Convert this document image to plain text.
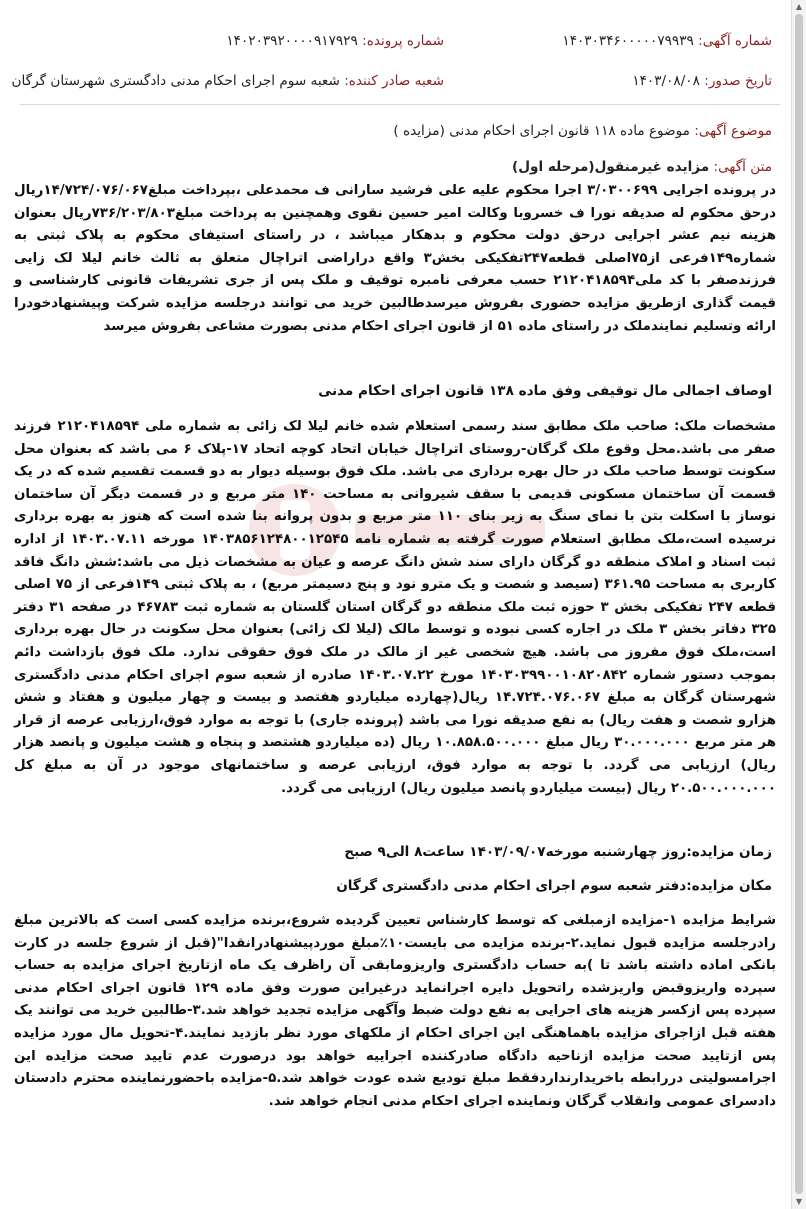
شماره آگهی: ۱۴۰۳۰۳۴۶۰۰۰۰۰۷۹۹۳۹
شماره پرونده: ۱۴۰۲۰۳۹۲۰۰۰۰۹۱۷۹۲۹
تاریخ صدور: ۱۴۰۳/۰۸/۰۸
شعبه صادر کننده: شعبه سوم اجرای احکام مدنی دادگستری شهرستان گرگان
موضوع آگهی: موضوع ماده ۱۱۸ قانون اجرای احکام مدنی (مزایده )
متن آگهی: مزایده غیرمنقول(مرحله اول)
در پرونده اجرایی ۳/۰۳۰۰۶۹۹ اجرا محکوم علیه علی فرشید سارانی ف محمدعلی ،بپرداخت مبلغ۱۴/۷۲۴/۰۷۶/۰۶۷ریال درحق محکوم له صدیقه نورا ف خسروبا وکالت امیر حسین نقوی وهمچنین به پرداخت مبلغ۷۳۶/۲۰۳/۸۰۳ریال بعنوان هزینه نیم عشر اجرایی درحق دولت محکوم و بدهکار میباشد ، در راستای استیفای محکوم به پلاک ثبتی به شماره۱۴۹فرعی از۷۵اصلی قطعه۲۴۷تفکیکی بخش۳ واقع دراراضی اتراچال متعلق به ثالث خانم لیلا لک زایی فرزندصفر با کد ملی۲۱۲۰۴۱۸۵۹۴ حسب معرفی نامبره توقیف و ملک پس از جری تشریفات قانونی کارشناسی و قیمت گذاری ازطریق مزایده حضوری بفروش میرسدطالبین خرید می توانند درجلسه مزایده شرکت وپیشنهادخودرا ارائه وتسلیم نمایندملک در راستای ماده ۵۱ از قانون اجرای احکام مدنی بصورت مشاعی بفروش میرسد
اوصاف اجمالی مال توقیفی وفق ماده ۱۳۸ قانون اجرای احکام مدنی
مشخصات ملک: صاحب ملک مطابق سند رسمی استعلام شده خانم لیلا لک زائی به شماره ملی ۲۱۲۰۴۱۸۵۹۴ فرزند صفر می باشد.محل وقوع ملک گرگان-روستای اتراچال خیابان اتحاد کوچه اتحاد ۱۷-پلاک ۶ می باشد که بعنوان محل سکونت توسط صاحب ملک در حال بهره برداری می باشد. ملک فوق بوسیله دیوار به دو قسمت تقسیم شده که در یک قسمت آن ساختمان مسکونی قدیمی با سقف شیروانی به مساحت ۱۴۰ متر مربع و در قسمت دیگر آن ساختمان نوساز با اسکلت بتن با نمای سنگ به زیر بنای ۱۱۰ متر مربع و بدون پروانه بنا شده است که هنوز به بهره برداری نرسیده است،ملک مطابق استعلام صورت گرفته به شماره نامه ۱۴۰۳۸۵۶۱۲۴۸۰۰۱۲۵۴۵ مورخه ۱۴۰۳.۰۷.۱۱ از اداره ثبت اسناد و املاک منطقه دو گرگان دارای سند شش دانگ عرصه و عیان به مشخصات ذیل می باشد:شش دانگ فاقد کاربری به مساحت ۳۶۱.۹۵ (سیصد و شصت و یک مترو نود و پنج دسیمتر مربع) ، به پلاک ثبتی ۱۴۹فرعی از ۷۵ اصلی قطعه ۲۴۷ تفکیکی بخش ۳ حوزه ثبت ملک منطقه دو گرگان استان گلستان به شماره ثبت ۴۶۷۸۳ در صفحه ۳۱ دفتر ۳۲۵ دفاتر بخش ۳ ملک در اجاره کسی نبوده و توسط مالک (لیلا لک زائی) بعنوان محل سکونت در حال بهره برداری است،ملک فوق مفروز می باشد. هیچ شخصی غیر از مالک در ملک فوق حقوقی ندارد. ملک فوق بازداشت دائم بموجب دستور شماره ۱۴۰۳۰۳۹۹۰۰۱۰۸۲۰۸۴۲ مورخ ۱۴۰۳.۰۷.۲۲ صادره از شعبه سوم اجرای احکام مدنی دادگستری شهرستان گرگان به مبلغ ۱۴.۷۲۴.۰۷۶.۰۶۷ ریال(چهارده میلیاردو هفتصد و بیست و چهار میلیون و هفتاد و شش هزارو شصت و هفت ریال) به نفع صدیقه نورا می باشد (پرونده جاری) با توجه به موارد فوق،ارزیابی عرصه از قرار هر متر مربع ۳۰.۰۰۰.۰۰۰ ریال مبلغ ۱۰.۸۵۸.۵۰۰.۰۰۰ ریال (ده میلیاردو هشتصد و پنجاه و هشت میلیون و پانصد هزار ریال) ارزیابی می گردد. با توجه به موارد فوق، ارزیابی عرصه و ساختمانهای موجود در آن به مبلغ کل ۲۰.۵۰۰.۰۰۰.۰۰۰ ریال (بیست میلیاردو پانصد میلیون ریال) ارزیابی می گردد.
زمان مزایده:روز چهارشنبه مورخه۱۴۰۳/۰۹/۰۷ ساعت۸ الی۹ صبح
مکان مزایده:دفتر شعبه سوم اجرای احکام مدنی دادگستری گرگان
شرایط مزایده ۱-مزایده ازمبلغی که توسط کارشناس تعیین گردیده شروع،برنده مزایده کسی است که بالاترین مبلغ رادرجلسه مزایده قبول نماید.۲-برنده مزایده می بایست۱۰٪مبلغ موردپیشنهادرانقدا"(قبل از شروع جلسه در کارت بانکی اماده داشته باشد تا )به حساب دادگستری واریزومابقی آن راظرف یک ماه ازتاریخ اجرای مزایده به حساب سپرده واریزوقبض واریزشده راتحویل دایره اجرانماید درغیراین صورت وفق ماده ۱۲۹ قانون اجرای احکام مدنی سپرده پس ازکسر هزینه های اجرایی به نفع دولت ضبط وآگهی مزایده تجدید خواهد شد.۳-طالبین خرید می توانند یک هفته قبل ازاجرای مزایده باهماهنگی این اجرای احکام از ملکهای مورد نظر بازدید نمایند.۴-تحویل مال مورد مزایده پس ازتایید صحت مزایده ازناحیه دادگاه صادرکننده اجراییه خواهد بود درصورت عدم تایید صحت مزایده این اجرامسولیتی دررابطه باخریدارنداردفقط مبلغ تودیع شده عودت خواهد شد.۵-مزایده باحضورنماینده محترم دادستان دادسرای عمومی وانقلاب گرگان ونماینده اجرای احکام مدنی انجام خواهد شد.
▲
▼
